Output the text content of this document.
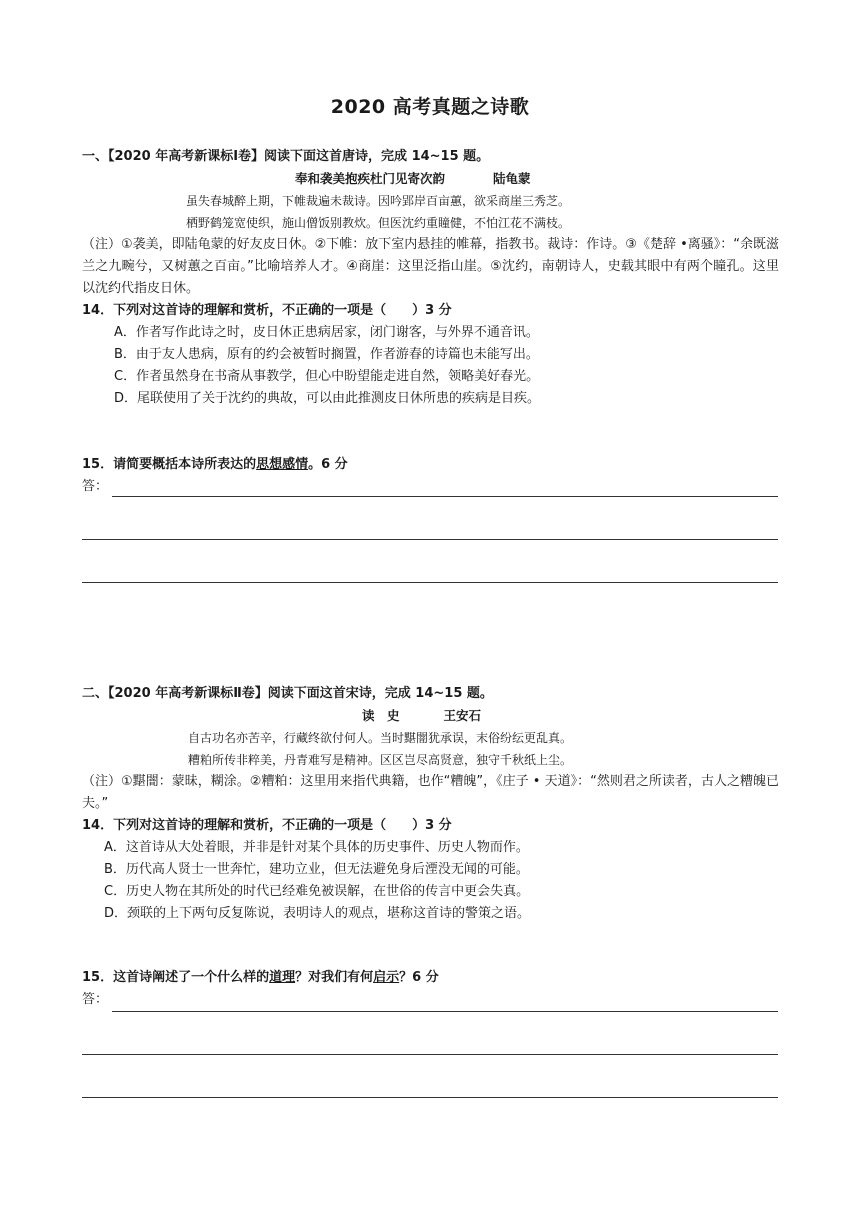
2020 高考真题之诗歌
一、【2020 年高考新课标Ⅰ卷】阅读下面这首唐诗，完成 14~15 题。
奉和袭美抱疾杜门见寄次韵	陆龟蒙
虽失春城醉上期，下帷裁遍未裁诗。因吟郢岸百亩蕙，欲采商崖三秀芝。
栖野鹤笼宽使织，施山僧饭别教炊。但医沈约重瞳健，不怕江花不满枝。
（注）①袭美，即陆龟蒙的好友皮日休。②下帷：放下室内悬挂的帷幕，指教书。裁诗：作诗。③《楚辞 •离骚》：“余既滋兰之九畹兮，又树蕙之百亩。”比喻培养人才。④商崖：这里泛指山崖。⑤沈约，南朝诗人，史载其眼中有两个瞳孔。这里以沈约代指皮日休。
14．下列对这首诗的理解和赏析，不正确的一项是（　　）3 分
A．作者写作此诗之时，皮日休正患病居家，闭门谢客，与外界不通音讯。
B．由于友人患病，原有的约会被暂时搁置，作者游春的诗篇也未能写出。
C．作者虽然身在书斋从事教学，但心中盼望能走进自然，领略美好春光。
D．尾联使用了关于沈约的典故，可以由此推测皮日休所患的疾病是目疾。
15．请简要概括本诗所表达的思想感情。6 分
答：
二、【2020 年高考新课标Ⅱ卷】阅读下面这首宋诗，完成 14~15 题。
读　史	王安石
自古功名亦苦辛，行藏终欲付何人。当时黮闇犹承误，末俗纷纭更乱真。
糟粕所传非粹美，丹青难写是精神。区区岂尽高贤意，独守千秋纸上尘。
（注）①黮闇：蒙昧，糊涂。②糟粕：这里用来指代典籍，也作“糟魄”，《庄子 • 天道》：“然则君之所读者，古人之糟魄已夫。”
14．下列对这首诗的理解和赏析，不正确的一项是（　　）3 分
A．这首诗从大处着眼，并非是针对某个具体的历史事件、历史人物而作。
B．历代高人贤士一世奔忙，建功立业，但无法避免身后湮没无闻的可能。
C．历史人物在其所处的时代已经难免被误解，在世俗的传言中更会失真。
D．颈联的上下两句反复陈说，表明诗人的观点，堪称这首诗的警策之语。
15．这首诗阐述了一个什么样的道理？对我们有何启示？6 分
答：
